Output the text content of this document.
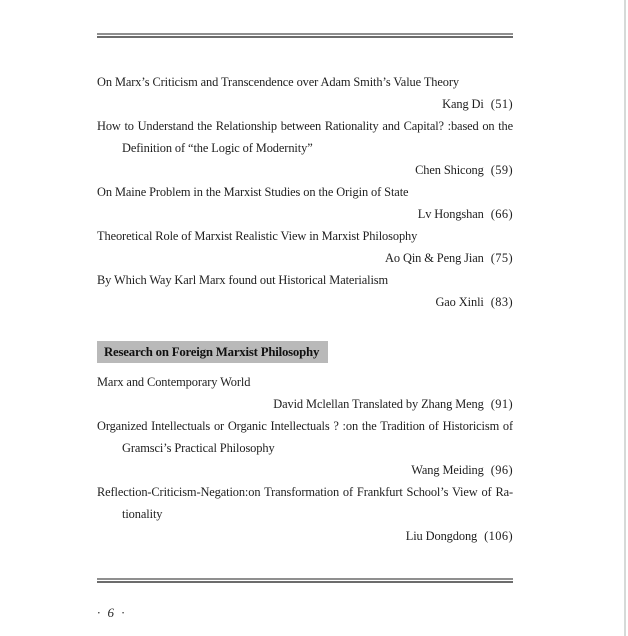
On Marx’s Criticism and Transcendence over Adam Smith’s Value Theory
Kang Di (51)
How to Understand the Relationship between Rationality and Capital? :based on the
Definition of “the Logic of Modernity”
Chen Shicong (59)
On Maine Problem in the Marxist Studies on the Origin of State
Lv Hongshan (66)
Theoretical Role of Marxist Realistic View in Marxist Philosophy
Ao Qin & Peng Jian (75)
By Which Way Karl Marx found out Historical Materialism
Gao Xinli (83)
Research on Foreign Marxist Philosophy
Marx and Contemporary World
David Mclellan Translated by Zhang Meng (91)
Organized Intellectuals or Organic Intellectuals ? :on the Tradition of Historicism of
Gramsci’s Practical Philosophy
Wang Meiding (96)
Reflection-Criticism-Negation:on Transformation of Frankfurt School’s View of Ra-
tionality
Liu Dongdong (106)
· 6 ·
